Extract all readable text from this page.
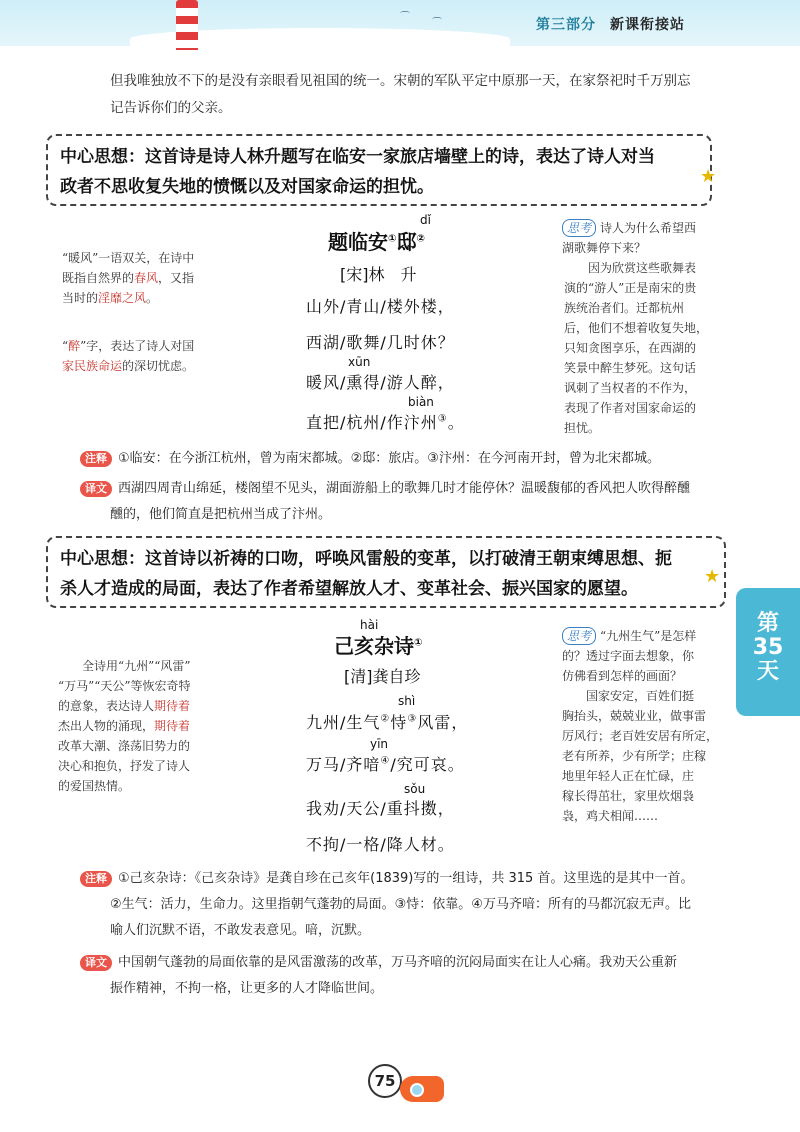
⌒
⌒	第三部分 新课衔接站
但我唯独放不下的是没有亲眼看见祖国的统一。宋朝的军队平定中原那一天，在家祭祀时千万别忘
记告诉你们的父亲。
中心思想：这首诗是诗人林升题写在临安一家旅店墙壁上的诗，表达了诗人对当
政者不思收复失地的愤慨以及对国家命运的担忧。	★
dǐ
题临安①邸②
[宋]林　升
山外/青山/楼外楼，
西湖/歌舞/几时休？
xūn
暖风/熏得/游人醉，
biàn
直把/杭州/作汴州③。
“暖风”一语双关，在诗中
既指自然界的春风，又指
当时的淫靡之风。
“醉”字，表达了诗人对国
家民族命运的深切忧虑。
思考 诗人为什么希望西
湖歌舞停下来？
因为欣赏这些歌舞表
演的“游人”正是南宋的贵
族统治者们。迁都杭州
后，他们不想着收复失地，
只知贪图享乐，在西湖的
笑景中醉生梦死。这句话
讽刺了当权者的不作为，
表现了作者对国家命运的
担忧。
注释 ①临安：在今浙江杭州，曾为南宋都城。②邸：旅店。③汴州：在今河南开封，曾为北宋都城。
译文 西湖四周青山绵延，楼阁望不见头，湖面游船上的歌舞几时才能停休？温暖馥郁的香风把人吹得醉醺
醺的，他们简直是把杭州当成了汴州。
中心思想：这首诗以祈祷的口吻，呼唤风雷般的变革，以打破清王朝束缚思想、扼
杀人才造成的局面，表达了作者希望解放人才、变革社会、振兴国家的愿望。
★
hài
己亥杂诗①
[清]龚自珍
shì
九州/生气②恃③风雷，
yīn
万马/齐喑④/究可哀。
sǒu
我劝/天公/重抖擞，
不拘/一格/降人材。
全诗用“九州”“风雷”
“万马”“天公”等恢宏奇特
的意象，表达诗人期待着
杰出人物的涌现，期待着
改革大潮、涤荡旧势力的
决心和抱负，抒发了诗人
的爱国热情。
思考 “九州生气”是怎样
的？透过字面去想象，你
仿佛看到怎样的画面？
国家安定，百姓们挺
胸抬头，兢兢业业，做事雷
厉风行；老百姓安居有所定，
老有所养，少有所学；庄稼
地里年轻人正在忙碌，庄
稼长得茁壮，家里炊烟袅
袅，鸡犬相闻……
第
35
天
注释 ①己亥杂诗：《己亥杂诗》是龚自珍在己亥年(1839)写的一组诗，共 315 首。这里选的是其中一首。
②生气：活力，生命力。这里指朝气蓬勃的局面。③恃：依靠。④万马齐喑：所有的马都沉寂无声。比
喻人们沉默不语，不敢发表意见。喑，沉默。
译文 中国朝气蓬勃的局面依靠的是风雷激荡的改革，万马齐喑的沉闷局面实在让人心痛。我劝天公重新
振作精神，不拘一格，让更多的人才降临世间。
75
